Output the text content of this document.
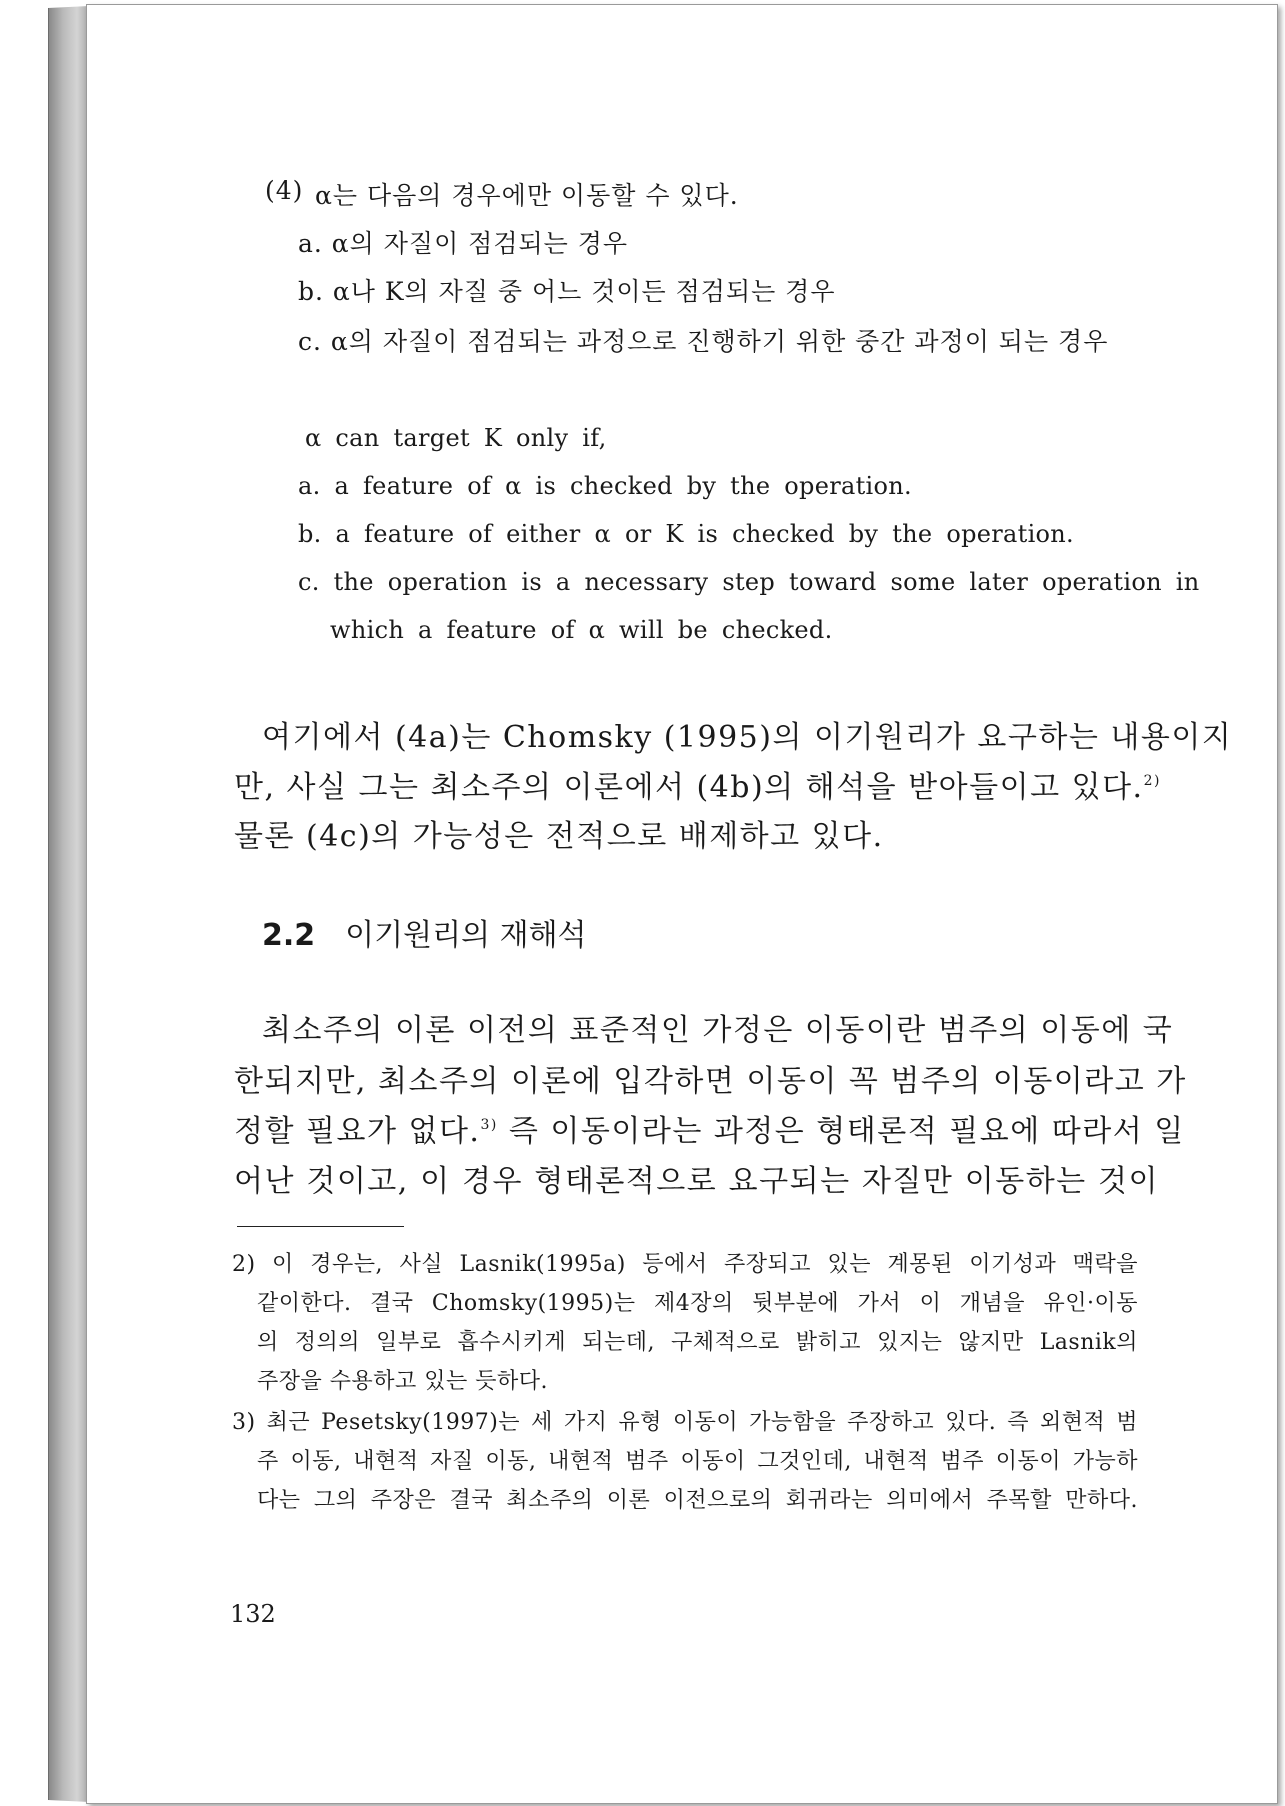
(4) α는 다음의 경우에만 이동할 수 있다.
a. α의 자질이 점검되는 경우
b. α나 K의 자질 중 어느 것이든 점검되는 경우
c. α의 자질이 점검되는 과정으로 진행하기 위한 중간 과정이 되는 경우
α can target K only if,
a. a feature of α is checked by the operation.
b. a feature of either α or K is checked by the operation.
c. the operation is a necessary step toward some later operation in
which a feature of α will be checked.
여기에서 (4a)는 Chomsky (1995)의 이기원리가 요구하는 내용이지
만, 사실 그는 최소주의 이론에서 (4b)의 해석을 받아들이고 있다.$^{2)}$
물론 (4c)의 가능성은 전적으로 배제하고 있다.
2.2 이기원리의 재해석
최소주의 이론 이전의 표준적인 가정은 이동이란 범주의 이동에 국
한되지만, 최소주의 이론에 입각하면 이동이 꼭 범주의 이동이라고 가
정할 필요가 없다.$^{3)}$ 즉 이동이라는 과정은 형태론적 필요에 따라서 일
어난 것이고, 이 경우 형태론적으로 요구되는 자질만 이동하는 것이
2) 이 경우는, 사실 Lasnik(1995a) 등에서 주장되고 있는 계몽된 이기성과 맥락을
같이한다. 결국 Chomsky(1995)는 제4장의 뒷부분에 가서 이 개념을 유인·이동
의 정의의 일부로 흡수시키게 되는데, 구체적으로 밝히고 있지는 않지만 Lasnik의
주장을 수용하고 있는 듯하다.
3) 최근 Pesetsky(1997)는 세 가지 유형 이동이 가능함을 주장하고 있다. 즉 외현적 범
주 이동, 내현적 자질 이동, 내현적 범주 이동이 그것인데, 내현적 범주 이동이 가능하
다는 그의 주장은 결국 최소주의 이론 이전으로의 회귀라는 의미에서 주목할 만하다.
132
